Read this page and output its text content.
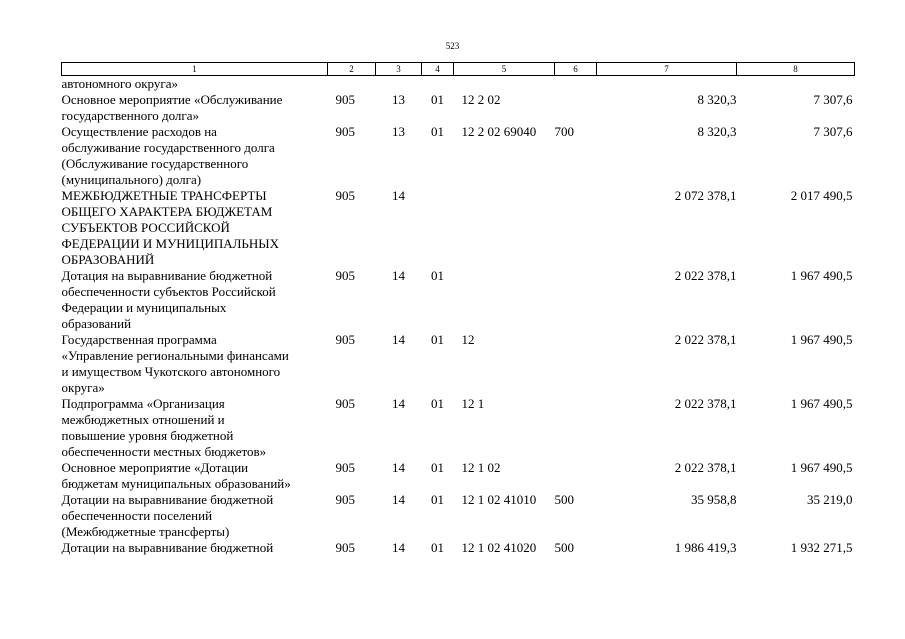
523
1	2	3	4	5	6	7	8

автономного округа»							

Основное мероприятие «Обслуживание
государственного долга»	905	13	01	12 2 02		8 320,3	7 307,6

Осуществление расходов на
обслуживание государственного долга
(Обслуживание государственного
(муниципального) долга)	905	13	01	12 2 02 69040	700	8 320,3	7 307,6

МЕЖБЮДЖЕТНЫЕ ТРАНСФЕРТЫ
ОБЩЕГО ХАРАКТЕРА БЮДЖЕТАМ
СУБЪЕКТОВ РОССИЙСКОЙ
ФЕДЕРАЦИИ И МУНИЦИПАЛЬНЫХ
ОБРАЗОВАНИЙ	905	14				2 072 378,1	2 017 490,5

Дотация на выравнивание бюджетной
обеспеченности субъектов Российской
Федерации и муниципальных
образований	905	14	01			2 022 378,1	1 967 490,5

Государственная программа
«Управление региональными финансами
и имуществом Чукотского автономного
округа»	905	14	01	12		2 022 378,1	1 967 490,5

Подпрограмма «Организация
межбюджетных отношений и
повышение уровня бюджетной
обеспеченности местных бюджетов»	905	14	01	12 1		2 022 378,1	1 967 490,5

Основное мероприятие «Дотации
бюджетам муниципальных образований»	905	14	01	12 1 02		2 022 378,1	1 967 490,5

Дотации на выравнивание бюджетной
обеспеченности поселений
(Межбюджетные трансферты)	905	14	01	12 1 02 41010	500	35 958,8	35 219,0

Дотации на выравнивание бюджетной	905	14	01	12 1 02 41020	500	1 986 419,3	1 932 271,5
